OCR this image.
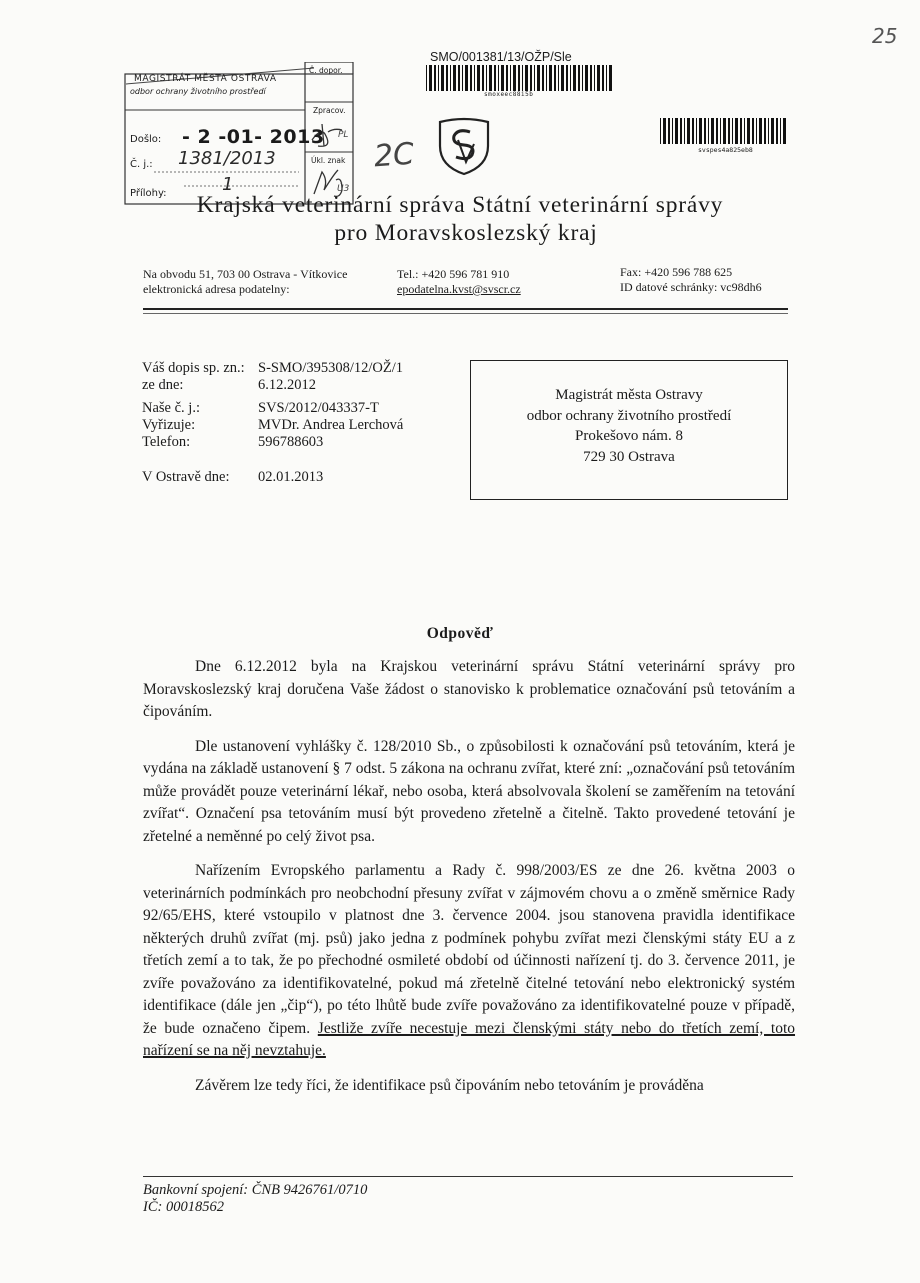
25
MAGISTRÁT MĚSTA OSTRAVA
odbor ochrany životního prostředí
Došlo: - 2 -01- 2013
Č. j.: 1381/2013
Přílohy:	1
Č. dopor.
Zpracov.
PL
Úkl. znak
Ú3
2C
SMO/001381/13/OŽP/Sle
smoxeec88i5b
svspes4a825eb8
Krajská veterinární správa Státní veterinární správy
pro Moravskoslezský kraj
Na obvodu 51, 703 00 Ostrava - Vítkovice
elektronická adresa podatelny:
Tel.: +420 596 781 910
epodatelna.kvst@svscr.cz
Fax: +420 596 788 625
ID datové schránky: vc98dh6
Váš dopis sp. zn.: S-SMO/395308/12/OŽ/1
ze dne:	6.12.2012
Naše č. j.:	SVS/2012/043337-T
Vyřizuje:	MVDr. Andrea Lerchová
Telefon:	596788603
V Ostravě dne:	02.01.2013
Magistrát města Ostravy
odbor ochrany životního prostředí
Prokešovo nám. 8
729 30 Ostrava
Odpověď
Dne 6.12.2012 byla na Krajskou veterinární správu Státní veterinární správy pro Moravskoslezský kraj doručena Vaše žádost o stanovisko k problematice označování psů tetováním a čipováním.
Dle ustanovení vyhlášky č. 128/2010 Sb., o způsobilosti k označování psů tetováním, která je vydána na základě ustanovení § 7 odst. 5 zákona na ochranu zvířat, které zní: „označování psů tetováním může provádět pouze veterinární lékař, nebo osoba, která absolvovala školení se zaměřením na tetování zvířat“. Označení psa tetováním musí být provedeno zřetelně a čitelně. Takto provedené tetování je zřetelné a neměnné po celý život psa.
Nařízením Evropského parlamentu a Rady č. 998/2003/ES ze dne 26. května 2003 o veterinárních podmínkách pro neobchodní přesuny zvířat v zájmovém chovu a o změně směrnice Rady 92/65/EHS, které vstoupilo v platnost dne 3. července 2004. jsou stanovena pravidla identifikace některých druhů zvířat (mj. psů) jako jedna z podmínek pohybu zvířat mezi členskými státy EU a z třetích zemí a to tak, že po přechodné osmileté období od účinnosti nařízení tj. do 3. července 2011, je zvíře považováno za identifikovatelné, pokud má zřetelně čitelné tetování nebo elektronický systém identifikace (dále jen „čip“), po této lhůtě bude zvíře považováno za identifikovatelné pouze v případě, že bude označeno čipem. Jestliže zvíře necestuje mezi členskými státy nebo do třetích zemí, toto nařízení se na něj nevztahuje.
Závěrem lze tedy říci, že identifikace psů čipováním nebo tetováním je prováděna
Bankovní spojení: ČNB 9426761/0710
IČ: 00018562
